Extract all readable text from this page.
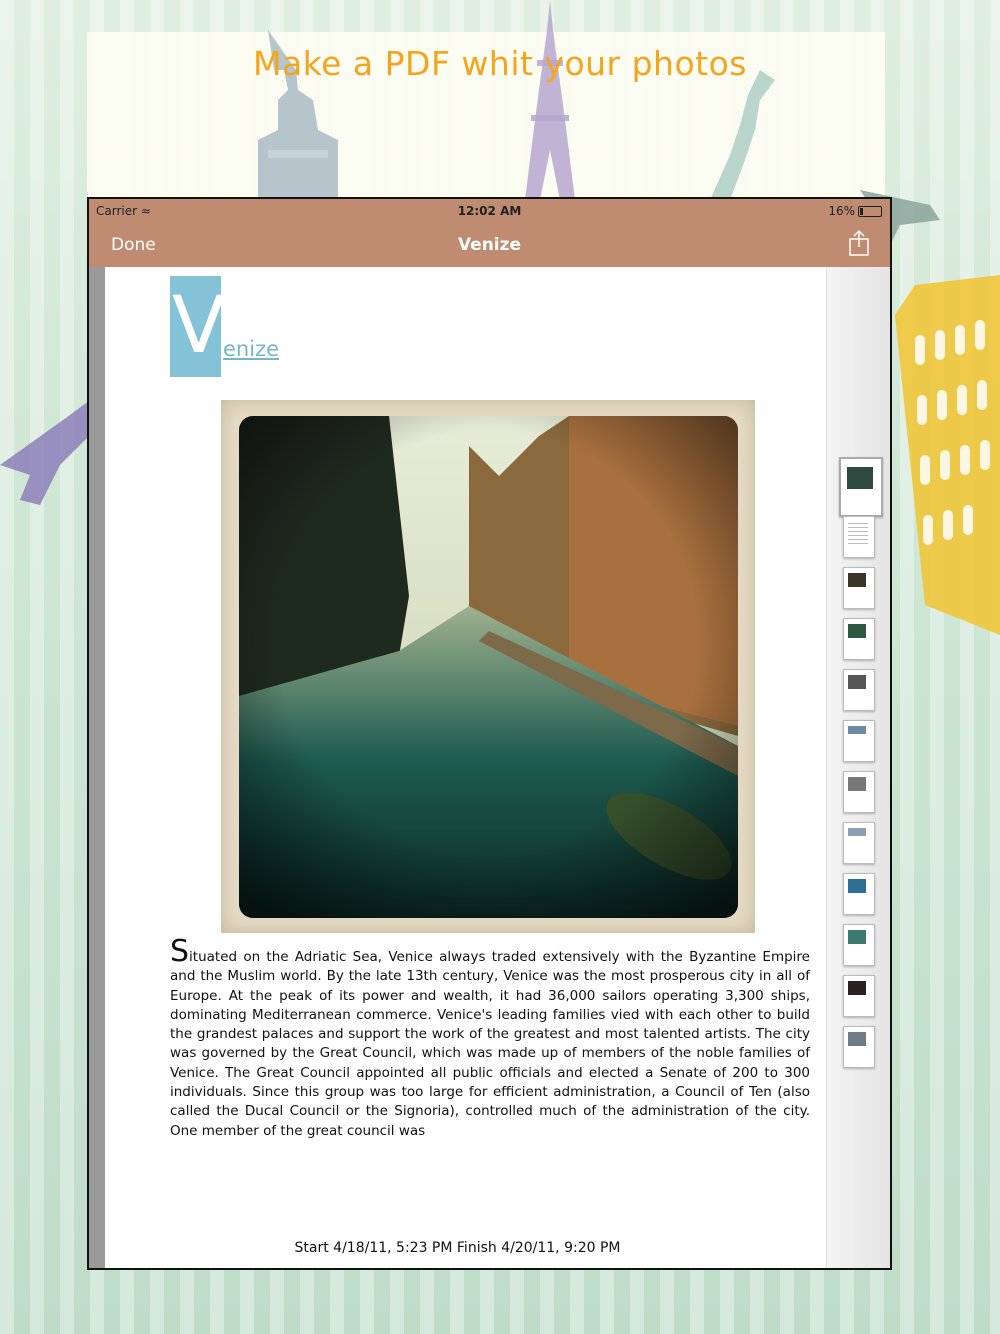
Make a PDF whit your photos
Carrier ≈	12:02 AM	16%
Done	Venize
V
enize
Situated on the Adriatic Sea, Venice always traded extensively with the Byzantine Empire and the Muslim world. By the late 13th century, Venice was the most prosperous city in all of Europe. At the peak of its power and wealth, it had 36,000 sailors operating 3,300 ships, dominating Mediterranean commerce. Venice's leading families vied with each other to build the grandest palaces and support the work of the greatest and most talented artists. The city was governed by the Great Council, which was made up of members of the noble families of Venice. The Great Council appointed all public officials and elected a Senate of 200 to 300 individuals. Since this group was too large for efficient administration, a Council of Ten (also called the Ducal Council or the Signoria), controlled much of the administration of the city. One member of the great council was
Start 4/18/11, 5:23 PM Finish 4/20/11, 9:20 PM
